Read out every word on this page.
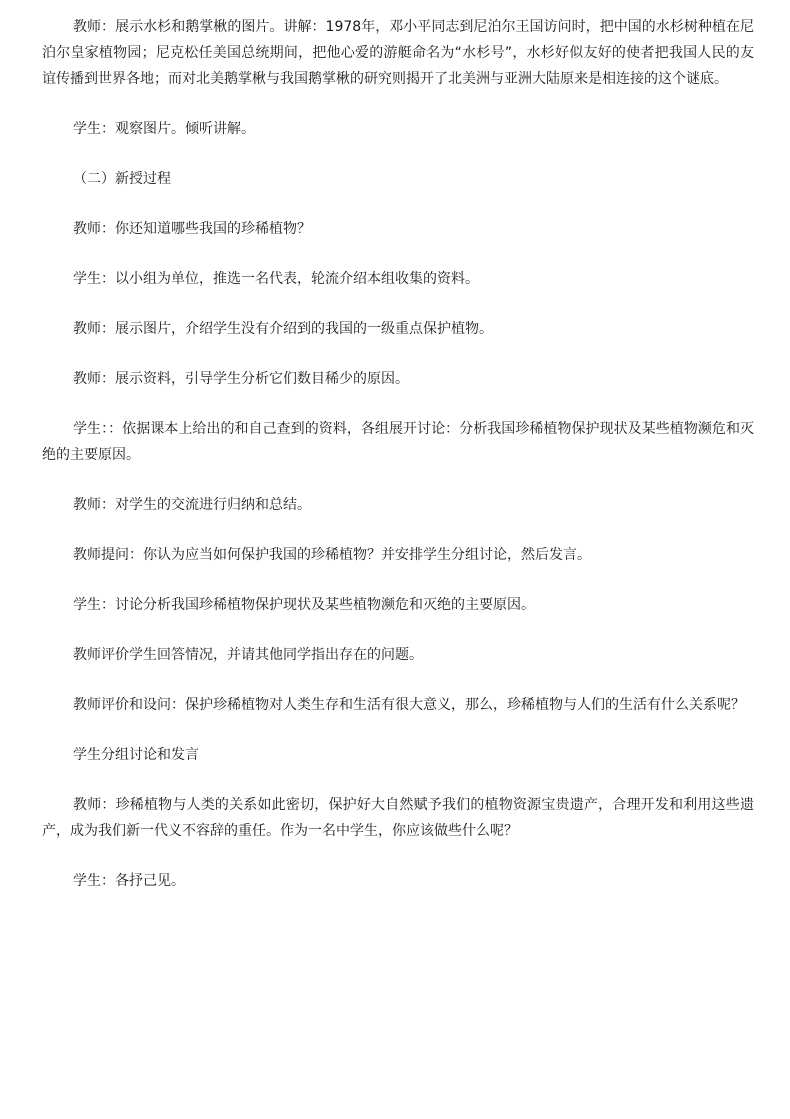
教师：展示水杉和鹅掌楸的图片。讲解：1978年，邓小平同志到尼泊尔王国访问时，把中国的水杉树种植在尼泊尔皇家植物园；尼克松任美国总统期间，把他心爱的游艇命名为“水杉号”，水杉好似友好的使者把我国人民的友谊传播到世界各地；而对北美鹅掌楸与我国鹅掌楸的研究则揭开了北美洲与亚洲大陆原来是相连接的这个谜底。

学生：观察图片。倾听讲解。

（二）新授过程

教师：你还知道哪些我国的珍稀植物？

学生：以小组为单位，推选一名代表，轮流介绍本组收集的资料。

教师：展示图片，介绍学生没有介绍到的我国的一级重点保护植物。

教师：展示资料，引导学生分析它们数目稀少的原因。

学生：：依据课本上给出的和自己查到的资料，各组展开讨论：分析我国珍稀植物保护现状及某些植物濒危和灭绝的主要原因。

教师：对学生的交流进行归纳和总结。

教师提问：你认为应当如何保护我国的珍稀植物？并安排学生分组讨论，然后发言。

学生：讨论分析我国珍稀植物保护现状及某些植物濒危和灭绝的主要原因。

教师评价学生回答情况，并请其他同学指出存在的问题。

教师评价和设问：保护珍稀植物对人类生存和生活有很大意义，那么，珍稀植物与人们的生活有什么关系呢？

学生分组讨论和发言

教师：珍稀植物与人类的关系如此密切，保护好大自然赋予我们的植物资源宝贵遗产，合理开发和利用这些遗产，成为我们新一代义不容辞的重任。作为一名中学生，你应该做些什么呢？

学生：各抒己见。
